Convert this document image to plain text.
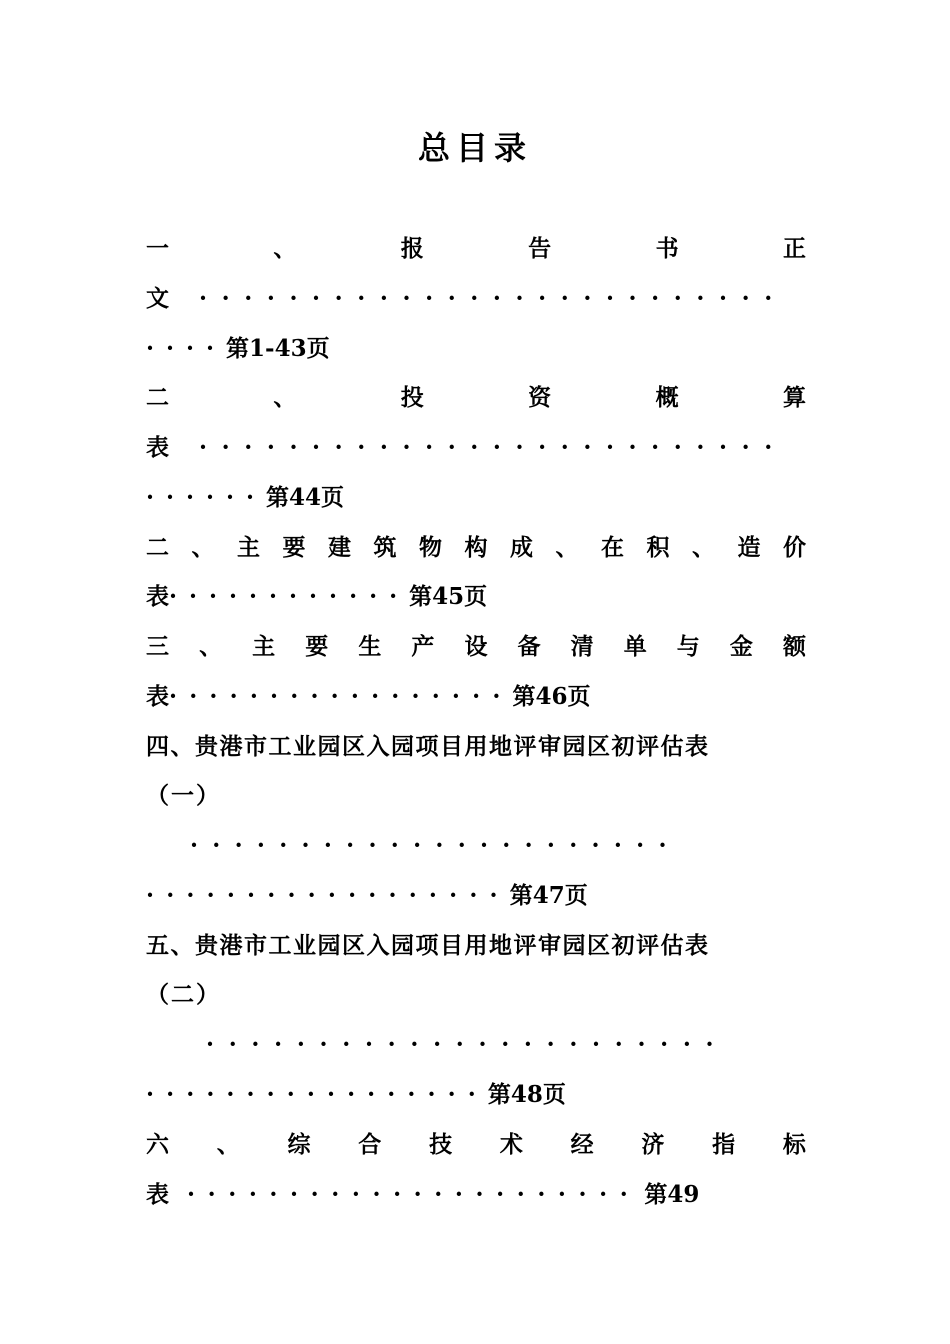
总目录
一	、	报	告	书	正
文 ··························
····第1-43页
二	、	投	资	概	算
表 ··························
······第44页
二 、 主 要 建 筑 物 构 成 、 在 积 、 造 价
表············第45页
三 、 主 要 生 产 设 备 清 单 与 金 额
表·················第46页
四、贵港市工业园区入园项目用地评审园区初评估表
（一）
······················
··················第47页
五、贵港市工业园区入园项目用地评审园区初评估表
（二）
·······················
·················第48页
六 、 综 合 技 术 经 济 指 标
表 ······················ 第49
